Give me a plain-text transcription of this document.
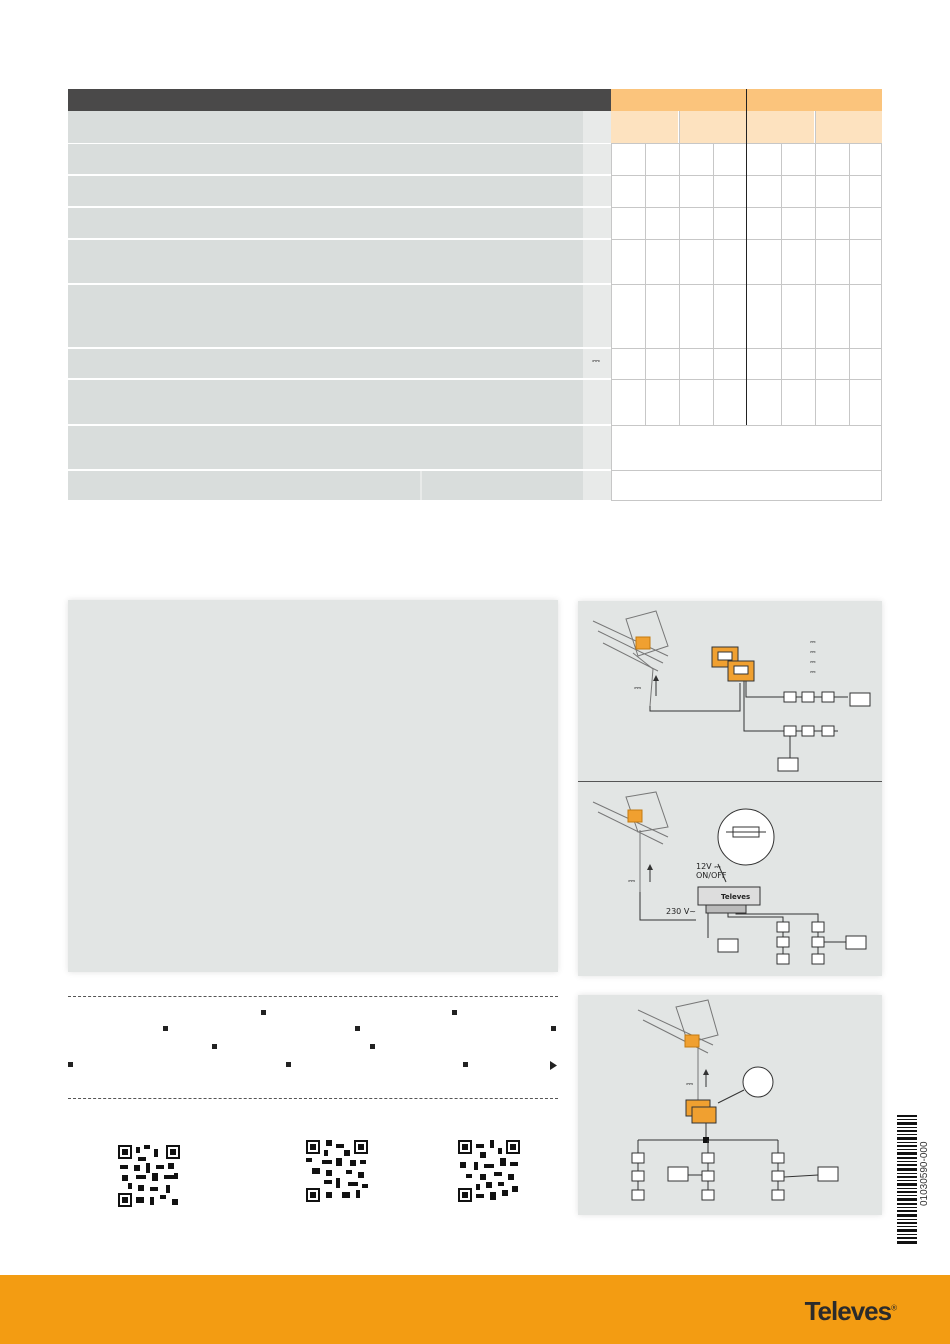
⎓
⎓
⎓
⎓
⎓
⎓
⎓
12V ⎓ ON/OFF
Televes
230 V~
⎓
01030590-000
Televes®
